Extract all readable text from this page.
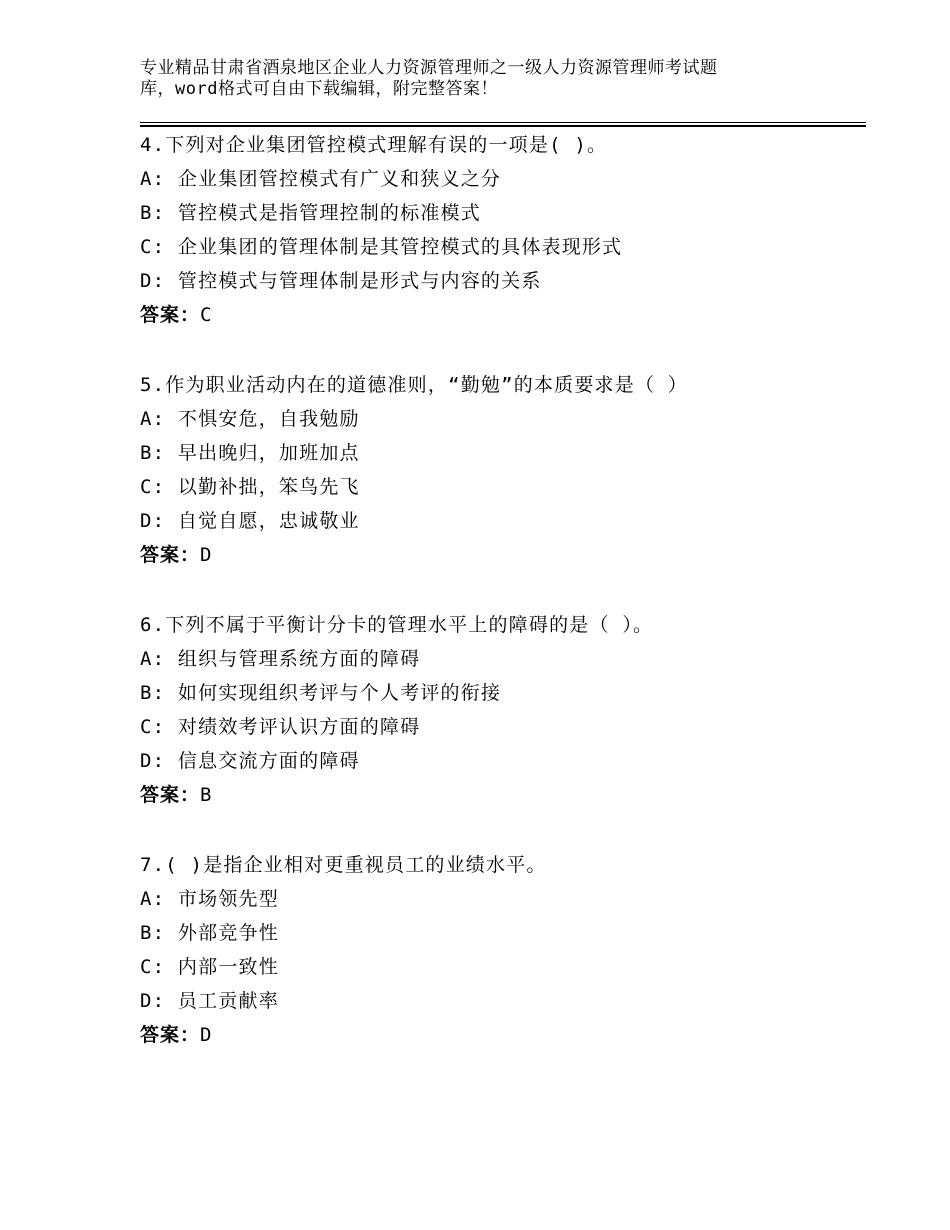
专业精品甘肃省酒泉地区企业人力资源管理师之一级人力资源管理师考试题
库，word格式可自由下载编辑，附完整答案！
4.下列对企业集团管控模式理解有误的一项是( )。
A: 企业集团管控模式有广义和狭义之分
B: 管控模式是指管理控制的标准模式
C: 企业集团的管理体制是其管控模式的具体表现形式
D: 管控模式与管理体制是形式与内容的关系
答案：C
5.作为职业活动内在的道德准则，“勤勉”的本质要求是（ ）
A: 不惧安危，自我勉励
B: 早出晚归，加班加点
C: 以勤补拙，笨鸟先飞
D: 自觉自愿，忠诚敬业
答案：D
6.下列不属于平衡计分卡的管理水平上的障碍的是（ ）。
A: 组织与管理系统方面的障碍
B: 如何实现组织考评与个人考评的衔接
C: 对绩效考评认识方面的障碍
D: 信息交流方面的障碍
答案：B
7.( )是指企业相对更重视员工的业绩水平。
A: 市场领先型
B: 外部竞争性
C: 内部一致性
D: 员工贡献率
答案：D
